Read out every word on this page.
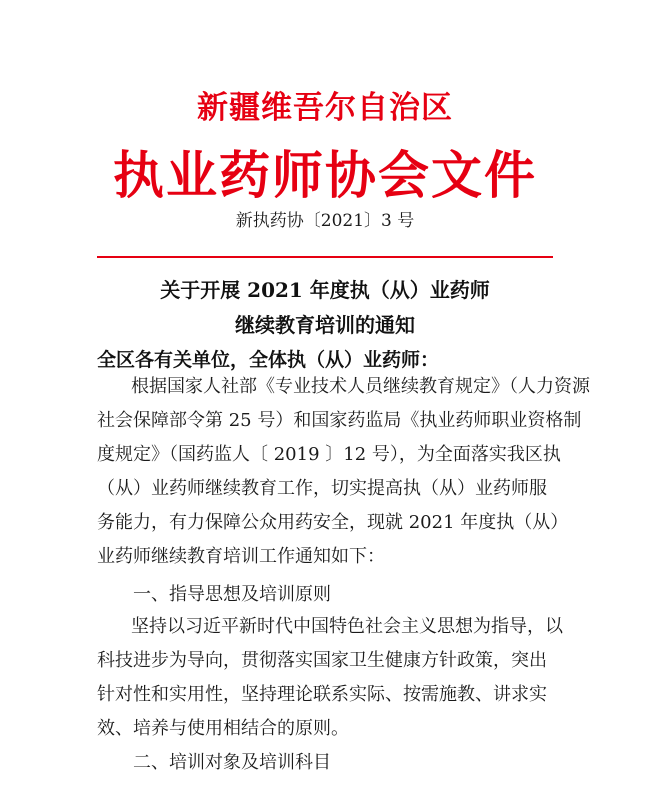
新疆维吾尔自治区
执业药师协会文件
新执药协〔2021〕3 号
关于开展 2021 年度执（从）业药师
继续教育培训的通知
全区各有关单位，全体执（从）业药师：
根据国家人社部《专业技术人员继续教育规定》（人力资源
社会保障部令第 25 号）和国家药监局《执业药师职业资格制
度规定》（国药监人〔 2019 〕12 号），为全面落实我区执
（从）业药师继续教育工作，切实提高执（从）业药师服
务能力，有力保障公众用药安全，现就 2021 年度执（从）
业药师继续教育培训工作通知如下：
一、指导思想及培训原则
坚持以习近平新时代中国特色社会主义思想为指导，以
科技进步为导向，贯彻落实国家卫生健康方针政策，突出
针对性和实用性，坚持理论联系实际、按需施教、讲求实
效、培养与使用相结合的原则。
二、培训对象及培训科目
